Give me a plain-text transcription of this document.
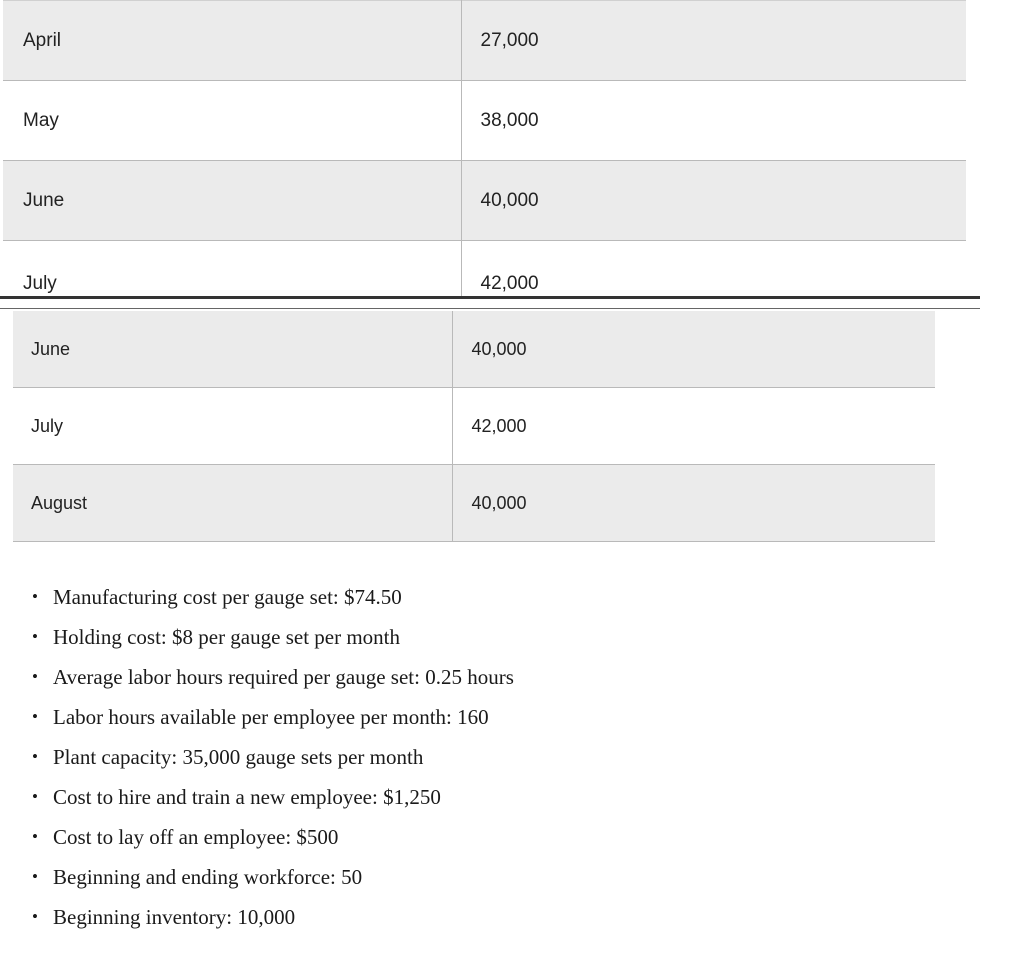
April	27,000
May	38,000
June	40,000
July	42,000
June	40,000
July	42,000
August	40,000
• Manufacturing cost per gauge set: $74.50
• Holding cost: $8 per gauge set per month
• Average labor hours required per gauge set: 0.25 hours
• Labor hours available per employee per month: 160
• Plant capacity: 35,000 gauge sets per month
• Cost to hire and train a new employee: $1,250
• Cost to lay off an employee: $500
• Beginning and ending workforce: 50
• Beginning inventory: 10,000
